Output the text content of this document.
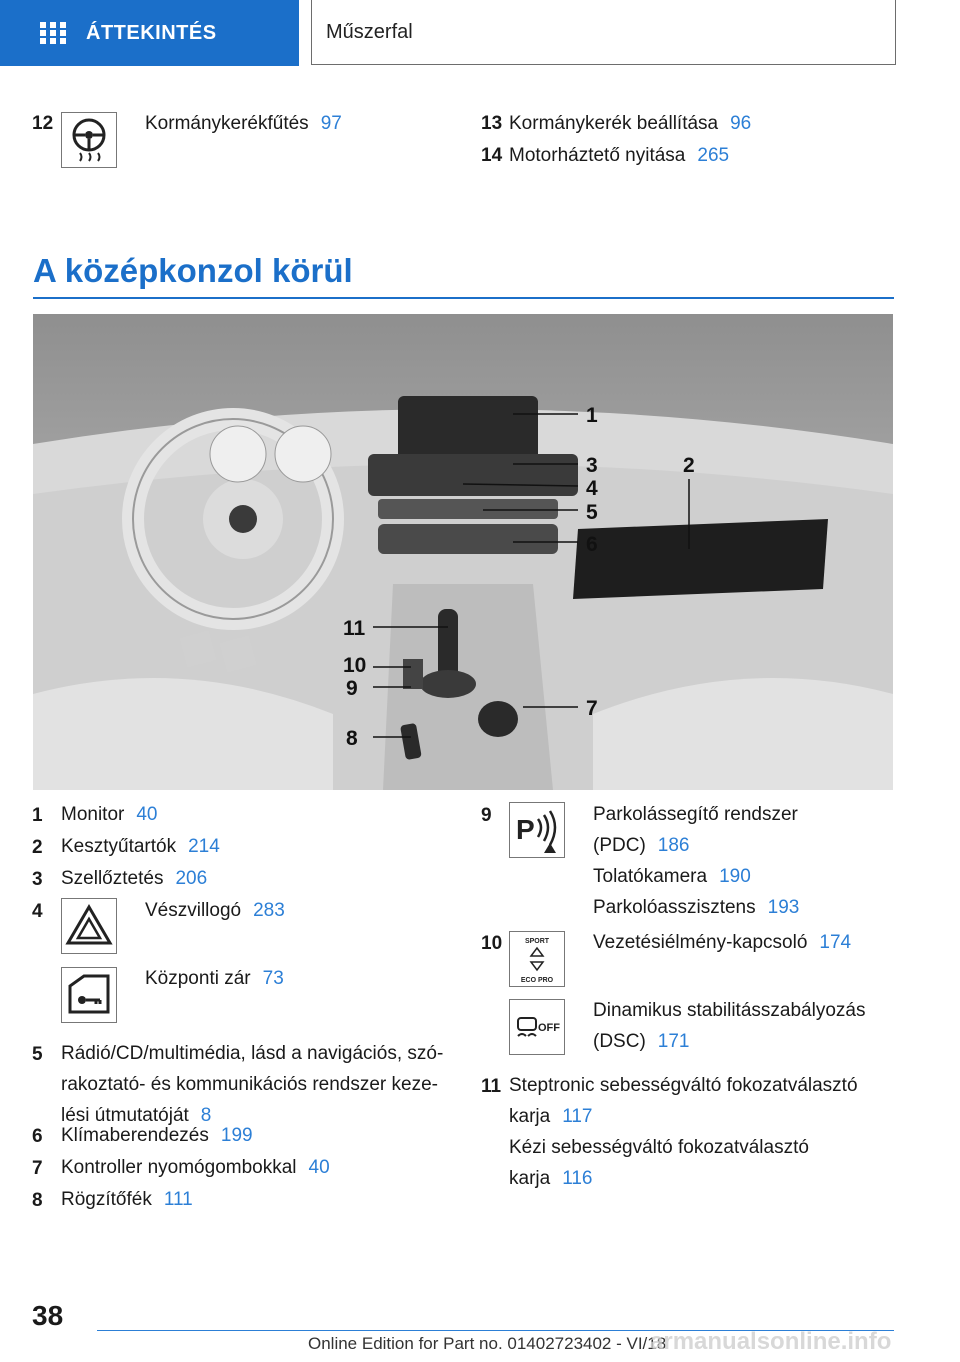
ÁTTEKINTÉS	Műszerfal
12	Kormánykerékfűtés 97	13 Kormánykerék beállítása 96
14 Motorháztető nyitása 265
A középkonzol körül
1
2
3
4
5
6
7
8
9
10
11
1 Monitor 40
2 Kesztyűtartók 214
3 Szellőztetés 206
4	Vészvillogó 283
Központi zár 73
5 Rádió/CD/multimédia, lásd a navigációs, szó-
rakoztató- és kommunikációs rendszer keze-
lési útmutatóját 8
6 Klímaberendezés 199
7 Kontroller nyomógombokkal 40
8 Rögzítőfék 111
9 P	Parkolássegítő rendszer
(PDC) 186
Tolatókamera 190
Parkolóasszisztens 193
10	SPORT
ECO PRO
Vezetésiélmény-kapcsoló 174
OFF
Dinamikus stabilitásszabályozás
(DSC) 171
11 Steptronic sebességváltó fokozatválasztó
karja 117
Kézi sebességváltó fokozatválasztó
karja 116
38
Online Edition for Part no. 01402723402 - VI/18
armanualsonline.info
